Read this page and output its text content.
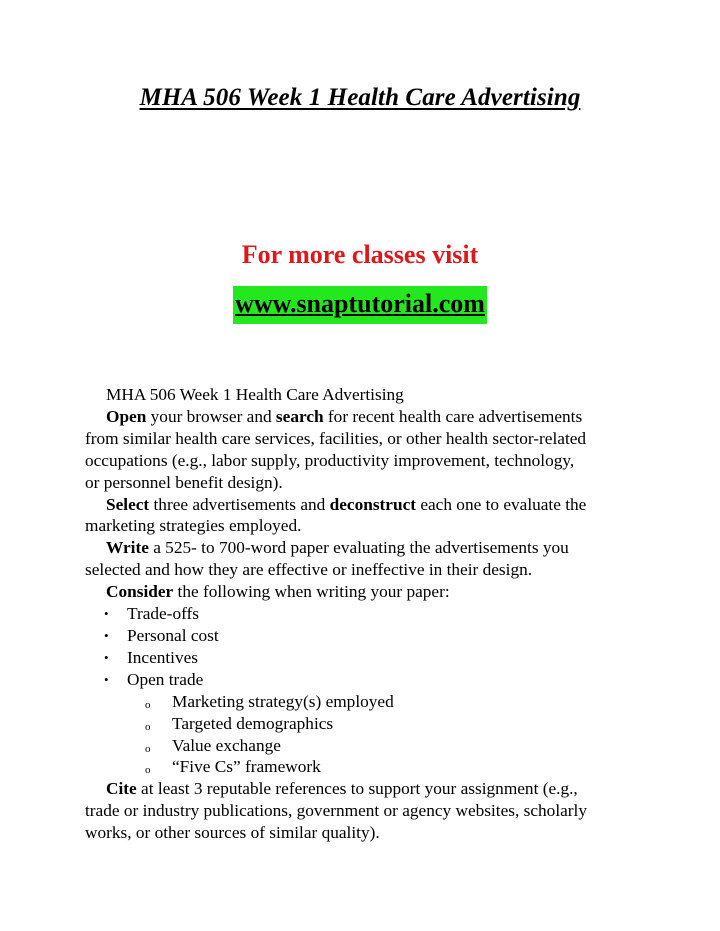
MHA 506 Week 1 Health Care Advertising
For more classes visit
www.snaptutorial.com
MHA 506 Week 1 Health Care Advertising
Open your browser and search for recent health care advertisements
from similar health care services, facilities, or other health sector-related
occupations (e.g., labor supply, productivity improvement, technology,
or personnel benefit design).
Select three advertisements and deconstruct each one to evaluate the
marketing strategies employed.
Write a 525- to 700-word paper evaluating the advertisements you
selected and how they are effective or ineffective in their design.
Consider the following when writing your paper:
• Trade-offs
• Personal cost
• Incentives
• Open trade
o Marketing strategy(s) employed
o Targeted demographics
o Value exchange
o “Five Cs” framework
Cite at least 3 reputable references to support your assignment (e.g.,
trade or industry publications, government or agency websites, scholarly
works, or other sources of similar quality).
